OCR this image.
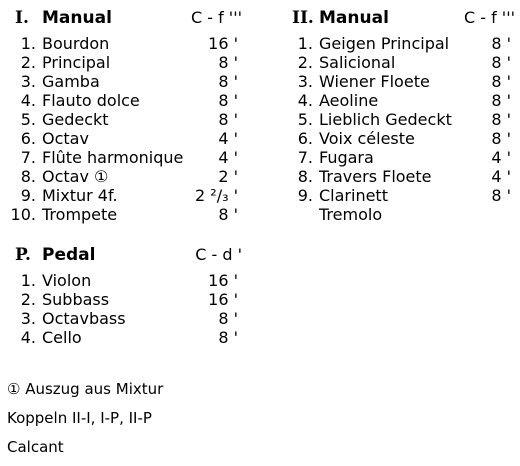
I. Manual	C - f '''
1. Bourdon	16 '
2. Principal	8 '
3. Gamba	8 '
4. Flauto dolce	8 '
5. Gedeckt	8 '
6. Octav	4 '
7. Flûte harmonique 4 '
8. Octav ①	2 '
9. Mixtur 4f.	2 ²/₃ '
10. Trompete	8 '
II. Manual	C - f '''
1. Geigen Principal	8 '
2. Salicional	8 '
3. Wiener Floete	8 '
4. Aeoline	8 '
5. Lieblich Gedeckt 8 '
6. Voix céleste	8 '
7. Fugara	4 '
8. Travers Floete	4 '
9. Clarinett	8 '
Tremolo
P. Pedal	C - d '
1. Violon	16 '
2. Subbass	16 '
3. Octavbass	8 '
4. Cello	8 '
① Auszug aus Mixtur
Koppeln II-I, I-P, II-P
Calcant
